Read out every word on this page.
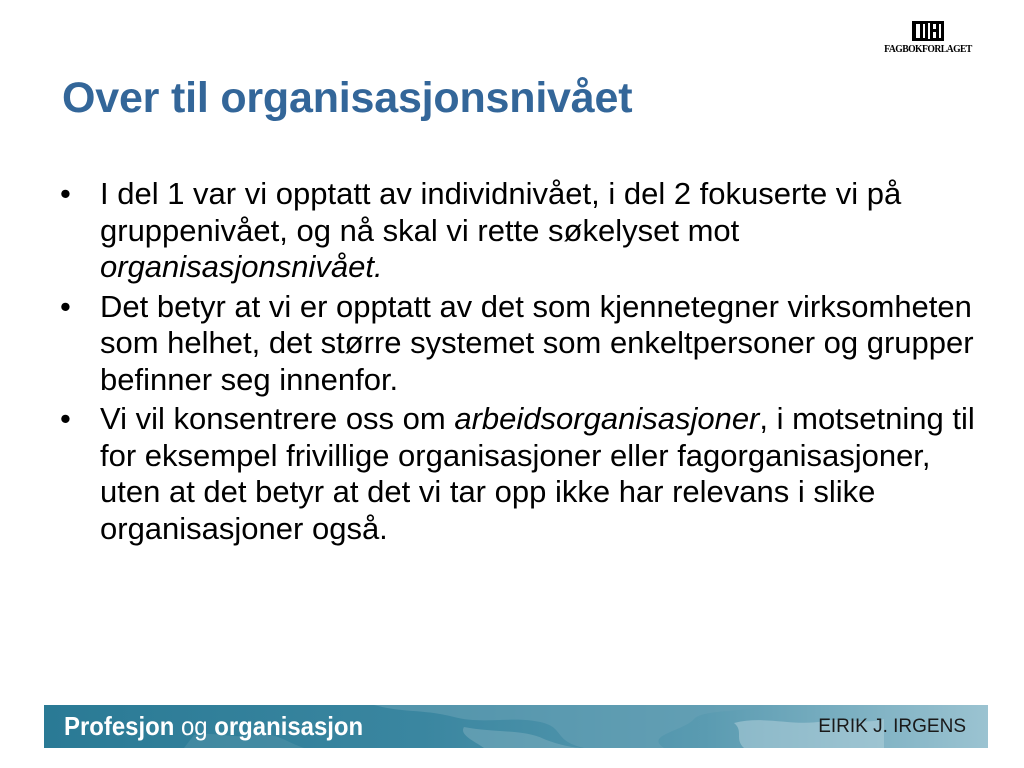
FAGBOKFORLAGET
Over til organisasjonsnivået
• I del 1 var vi opptatt av individnivået, i del 2 fokuserte vi på gruppenivået, og nå skal vi rette søkelyset mot organisasjonsnivået.
• Det betyr at vi er opptatt av det som kjennetegner virksomheten som helhet, det større systemet som enkeltpersoner og grupper befinner seg innenfor.
• Vi vil konsentrere oss om arbeidsorganisasjoner, i motsetning til for eksempel frivillige organisasjoner eller fagorganisasjoner, uten at det betyr at det vi tar opp ikke har relevans i slike organisasjoner også.
Profesjon og organisasjon	EIRIK J. IRGENS
